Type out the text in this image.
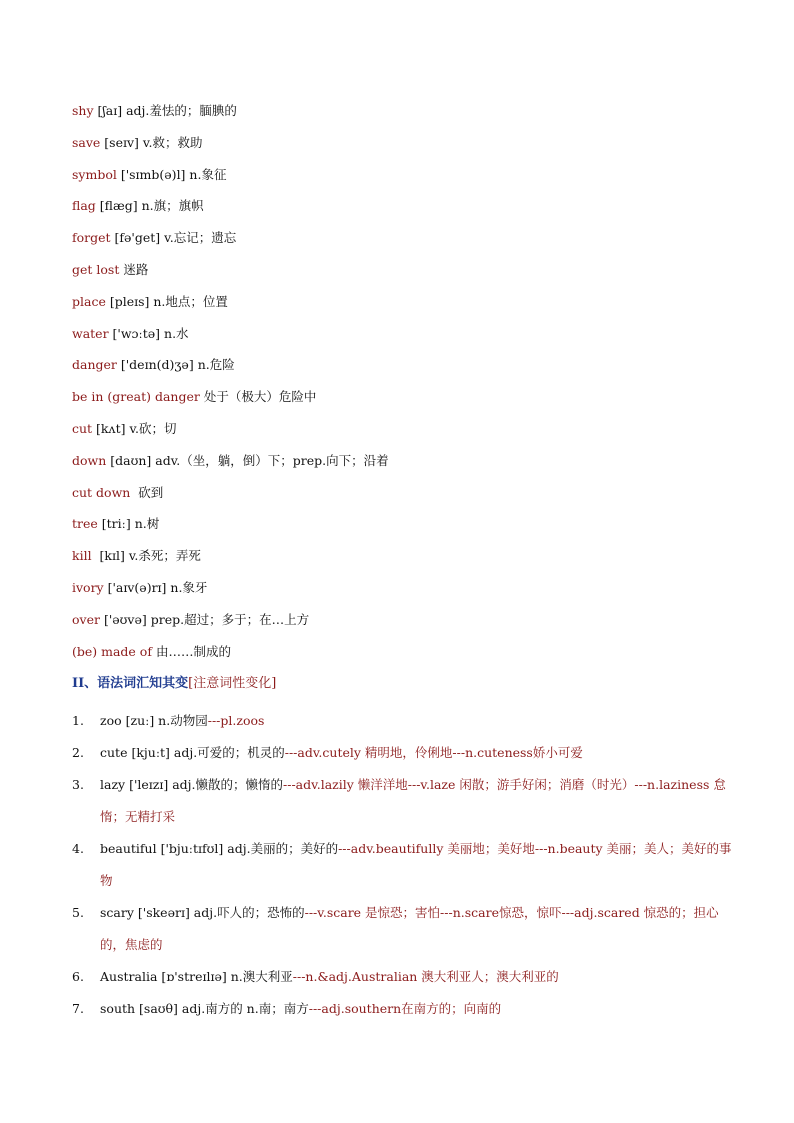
shy [ʃaɪ] adj.羞怯的；腼腆的
save [seɪv] v.救；救助
symbol ['sɪmb(ə)l] n.象征
flag [flæg] n.旗；旗帜
forget [fə'get] v.忘记；遗忘
get lost 迷路
place [pleɪs] n.地点；位置
water ['wɔːtə] n.水
danger ['deɪn(d)ʒə] n.危险
be in (great) danger 处于（极大）危险中
cut [kʌt] v.砍；切
down [daʊn] adv.（坐，躺，倒）下；prep.向下；沿着
cut down 砍到
tree [triː] n.树
kill  [kɪl] v.杀死；弄死
ivory ['aɪv(ə)rɪ] n.象牙
over ['əʊvə] prep.超过；多于；在…上方
(be) made of 由……制成的
II、语法词汇知其变[注意词性变化]
1. zoo [zuː] n.动物园---pl.zoos
2. cute [kjuːt] adj.可爱的；机灵的---adv.cutely 精明地，伶俐地---n.cuteness娇小可爱
3. lazy ['leɪzɪ] adj.懒散的；懒惰的---adv.lazily 懒洋洋地---v.laze 闲散；游手好闲；消磨（时光）---n.laziness 怠惰；无精打采
4. beautiful ['bjuːtɪfʊl] adj.美丽的；美好的---adv.beautifully 美丽地；美好地---n.beauty 美丽；美人；美好的事物
5. scary ['skeərɪ] adj.吓人的；恐怖的---v.scare 是惊恐；害怕---n.scare惊恐，惊吓---adj.scared 惊恐的；担心的，焦虑的
6. Australia [ɒ'streɪlɪə] n.澳大利亚---n.&adj.Australian 澳大利亚人；澳大利亚的
7. south [saʊθ] adj.南方的 n.南；南方---adj.southern在南方的；向南的
